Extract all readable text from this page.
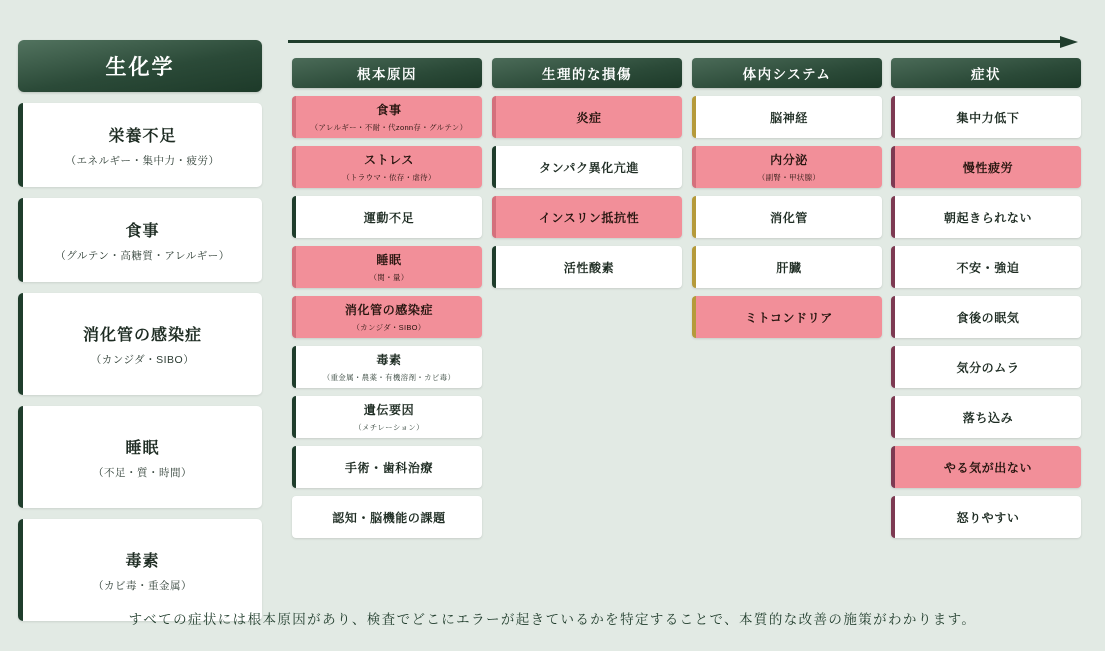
生化学
栄養不足
（エネルギー・集中力・疲労）
食事
（グルテン・高糖質・アレルギー）
消化管の感染症
（カンジダ・SIBO）
睡眠
（不足・質・時間）
毒素
（カビ毒・重金属）
根本原因
食事
（アレルギー・不耐・代zonn存・グルテン）
ストレス
（トラウマ・依存・虐待）
運動不足
睡眠
（関・量）
消化管の感染症
（カンジダ・SIBO）
毒素
（重金属・農薬・有機溶剤・カビ毒）
遺伝要因
（メチレーション）
手術・歯科治療
認知・脳機能の課題
生理的な損傷
炎症
タンパク異化亢進
インスリン抵抗性
活性酸素
体内システム
脳神経
内分泌
（副腎・甲状腺）
消化管
肝臓
ミトコンドリア
症状
集中力低下
慢性疲労
朝起きられない
不安・強迫
食後の眠気
気分のムラ
落ち込み
やる気が出ない
怒りやすい
すべての症状には根本原因があり、検査でどこにエラーが起きているかを特定することで、本質的な改善の施策がわかります。
